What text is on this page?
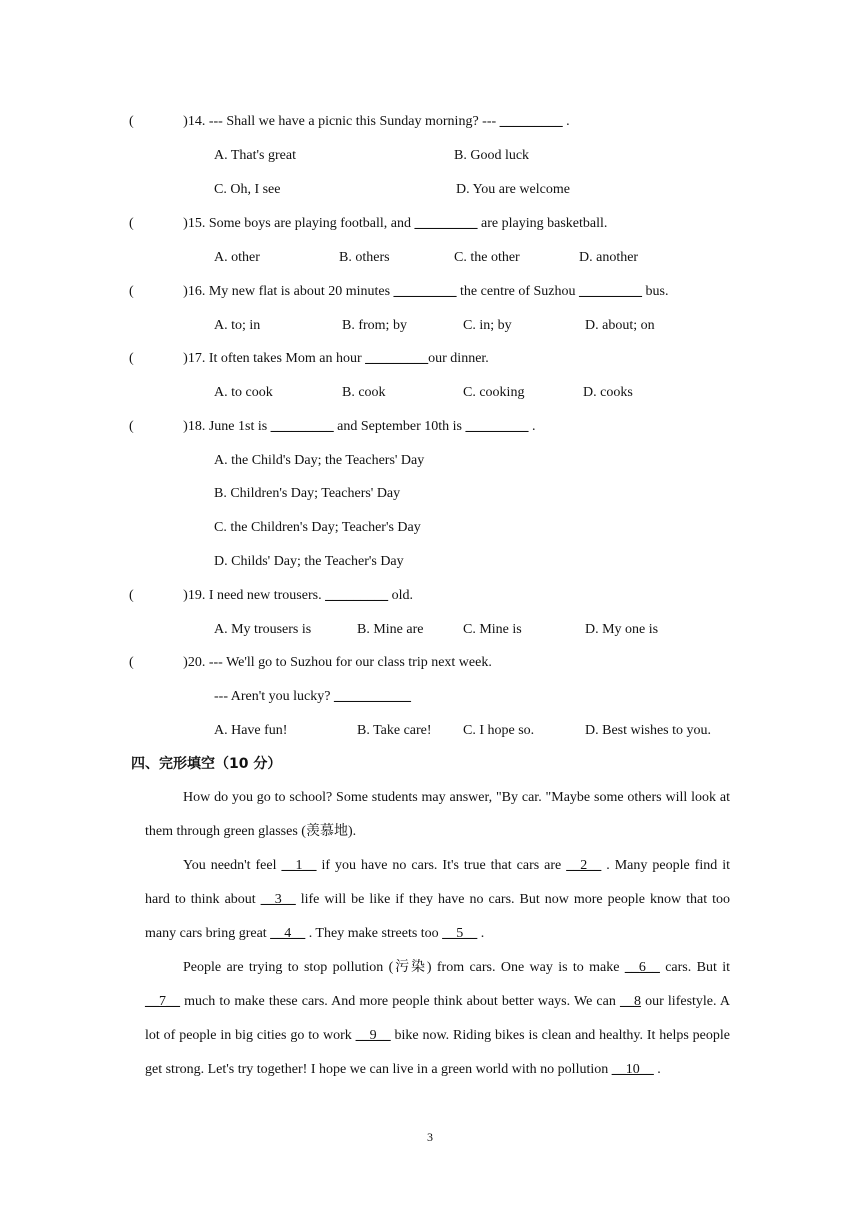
(	)14. --- Shall we have a picnic this Sunday morning? --- _________ .
A. That's great	B. Good luck
C. Oh, I see	D. You are welcome
(	)15. Some boys are playing football, and _________ are playing basketball.
A. other	B. others	C. the other	D. another
(	)16. My new flat is about 20 minutes _________ the centre of Suzhou _________ bus.
A. to; in	B. from; by	C. in; by	D. about; on
(	)17. It often takes Mom an hour _________our dinner.
A. to cook	B. cook	C. cooking	D. cooks
(	)18. June 1st is _________ and September 10th is _________ .
A. the Child's Day; the Teachers' Day
B. Children's Day; Teachers' Day
C. the Children's Day; Teacher's Day
D. Childs' Day; the Teacher's Day
(	)19. I need new trousers. _________ old.
A. My trousers is	B. Mine are	C. Mine is	D. My one is
(	)20. --- We'll go to Suzhou for our class trip next week.
--- Aren't you lucky? ___________
A. Have fun!	B. Take care! C. I hope so.	D. Best wishes to you.
四、完形填空（10 分）

How do you go to school? Some students may answer, "By car. "Maybe some others will look at them through green glasses (羡慕地).

You needn't feel __1__ if you have no cars. It's true that cars are __2__ . Many people find it hard to think about __3__ life will be like if they have no cars. But now more people know that too many cars bring great __4__ . They make streets too __5__ .

People are trying to stop pollution (污染) from cars. One way is to make __6__ cars. But it __7__ much to make these cars. And more people think about better ways. We can __8 our lifestyle. A lot of people in big cities go to work __9__ bike now. Riding bikes is clean and healthy. It helps people get strong. Let's try together! I hope we can live in a green world with no pollution __10__ .

3
